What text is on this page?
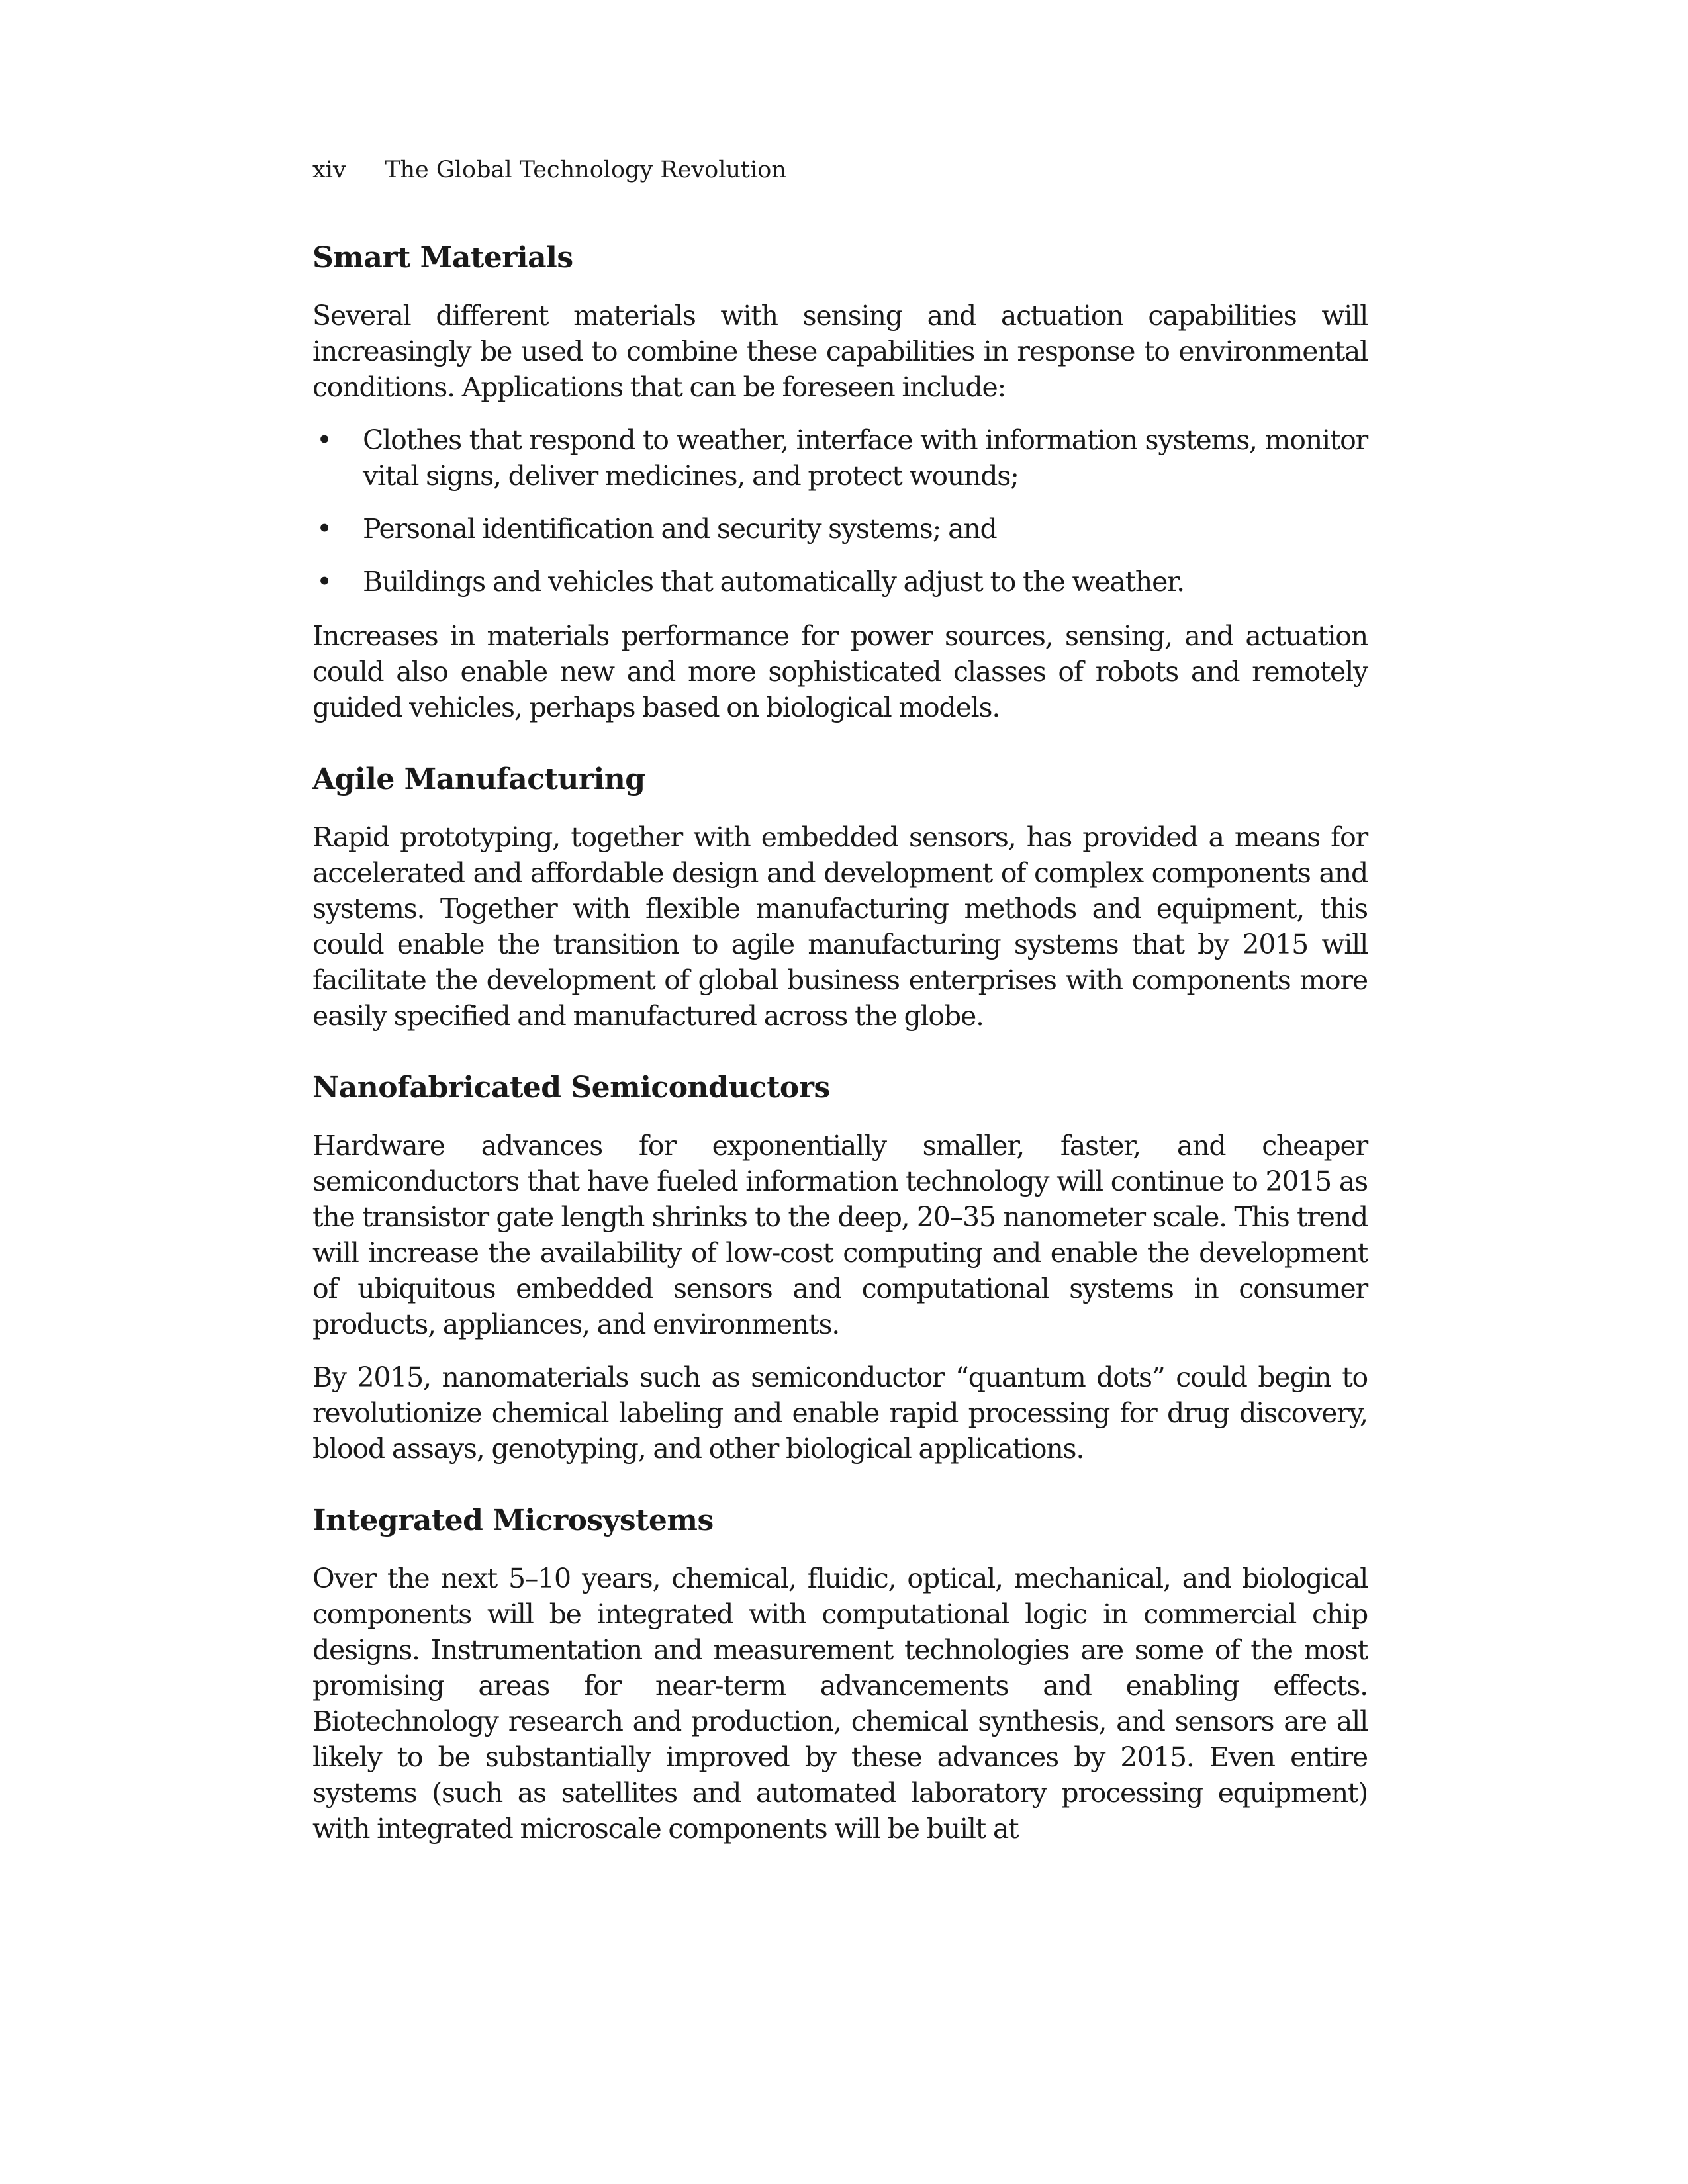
xiv The Global Technology Revolution
Smart Materials

Several different materials with sensing and actuation capabilities will increasingly be used to combine these capabilities in response to environmental conditions. Applications that can be foreseen include:

• Clothes that respond to weather, interface with information systems, monitor vital signs, deliver medicines, and protect wounds;
• Personal identification and security systems; and
• Buildings and vehicles that automatically adjust to the weather.

Increases in materials performance for power sources, sensing, and actuation could also enable new and more sophisticated classes of robots and remotely guided vehicles, perhaps based on biological models.

Agile Manufacturing

Rapid prototyping, together with embedded sensors, has provided a means for accelerated and affordable design and development of complex components and systems. Together with flexible manufacturing methods and equipment, this could enable the transition to agile manufacturing systems that by 2015 will facilitate the development of global business enterprises with components more easily specified and manufactured across the globe.

Nanofabricated Semiconductors

Hardware advances for exponentially smaller, faster, and cheaper semiconductors that have fueled information technology will continue to 2015 as the transistor gate length shrinks to the deep, 20–35 nanometer scale. This trend will increase the availability of low-cost computing and enable the development of ubiquitous embedded sensors and computational systems in consumer products, appliances, and environments.

By 2015, nanomaterials such as semiconductor “quantum dots” could begin to revolutionize chemical labeling and enable rapid processing for drug discovery, blood assays, genotyping, and other biological applications.

Integrated Microsystems

Over the next 5–10 years, chemical, fluidic, optical, mechanical, and biological components will be integrated with computational logic in commercial chip designs. Instrumentation and measurement technologies are some of the most promising areas for near-term advancements and enabling effects. Biotechnology research and production, chemical synthesis, and sensors are all likely to be substantially improved by these advances by 2015. Even entire systems (such as satellites and automated laboratory processing equipment) with integrated microscale components will be built at
